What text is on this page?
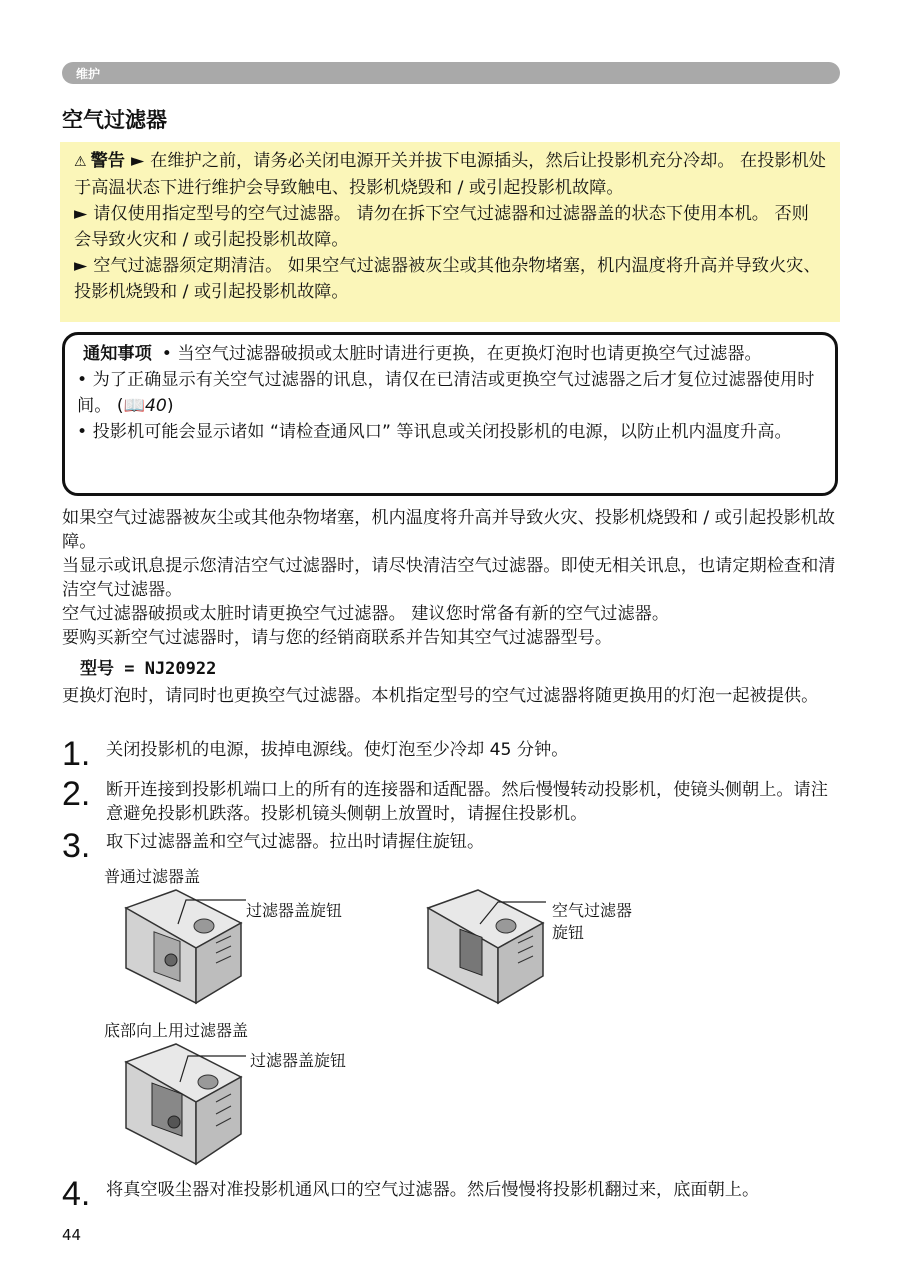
维护
空气过滤器

⚠ 警告 ► 在维护之前，请务必关闭电源开关并拔下电源插头，然后让投影机充分冷却。 在投影机处于高温状态下进行维护会导致触电、投影机烧毁和 / 或引起投影机故障。

► 请仅使用指定型号的空气过滤器。 请勿在拆下空气过滤器和过滤器盖的状态下使用本机。 否则会导致火灾和 / 或引起投影机故障。

► 空气过滤器须定期清洁。 如果空气过滤器被灰尘或其他杂物堵塞，机内温度将升高并导致火灾、投影机烧毁和 / 或引起投影机故障。

通知事项 • 当空气过滤器破损或太脏时请进行更换，在更换灯泡时也请更换空气过滤器。

• 为了正确显示有关空气过滤器的讯息，请仅在已清洁或更换空气过滤器之后才复位过滤器使用时间。 (📖40)

• 投影机可能会显示诸如 “请检查通风口” 等讯息或关闭投影机的电源，以防止机内温度升高。

如果空气过滤器被灰尘或其他杂物堵塞，机内温度将升高并导致火灾、投影机烧毁和 / 或引起投影机故障。

当显示或讯息提示您清洁空气过滤器时，请尽快清洁空气过滤器。即使无相关讯息，也请定期检查和清洁空气过滤器。

空气过滤器破损或太脏时请更换空气过滤器。 建议您时常备有新的空气过滤器。

要购买新空气过滤器时，请与您的经销商联系并告知其空气过滤器型号。

型号 = NJ20922

更换灯泡时，请同时也更换空气过滤器。本机指定型号的空气过滤器将随更换用的灯泡一起被提供。

1. 关闭投影机的电源，拔掉电源线。使灯泡至少冷却 45 分钟。

2. 断开连接到投影机端口上的所有的连接器和适配器。然后慢慢转动投影机，使镜头侧朝上。请注意避免投影机跌落。投影机镜头侧朝上放置时，请握住投影机。

3. 取下过滤器盖和空气过滤器。拉出时请握住旋钮。

普通过滤器盖

过滤器盖旋钮	空气过滤器

旋钮

底部向上用过滤器盖

过滤器盖旋钮

4. 将真空吸尘器对准投影机通风口的空气过滤器。然后慢慢将投影机翻过来，底面朝上。

44
